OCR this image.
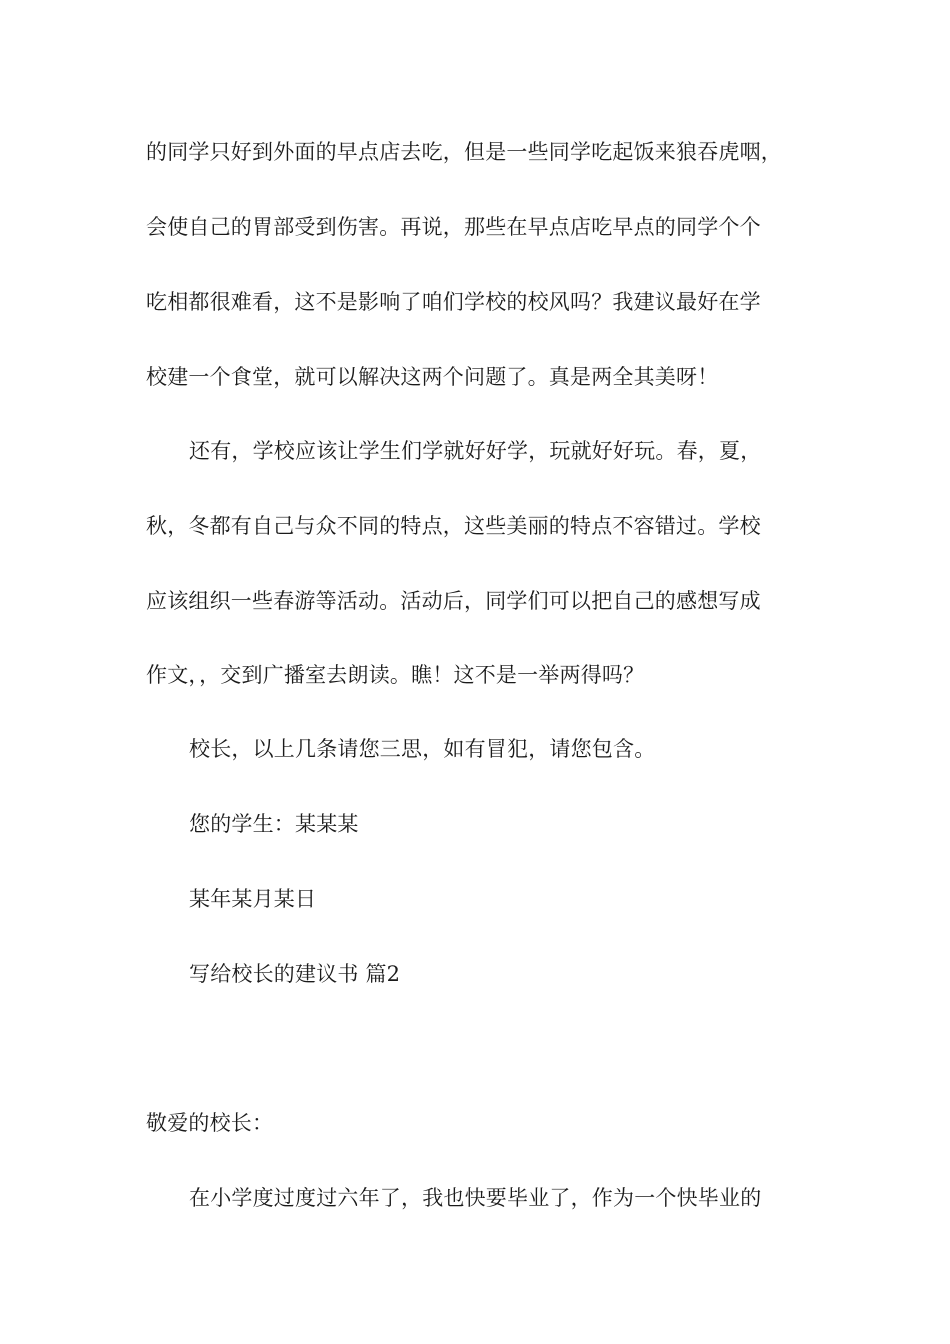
的同学只好到外面的早点店去吃，但是一些同学吃起饭来狼吞虎咽，
会使自己的胃部受到伤害。再说，那些在早点店吃早点的同学个个
吃相都很难看，这不是影响了咱们学校的校风吗？我建议最好在学
校建一个食堂，就可以解决这两个问题了。真是两全其美呀！
还有，学校应该让学生们学就好好学，玩就好好玩。春，夏，
秋，冬都有自己与众不同的特点，这些美丽的特点不容错过。学校
应该组织一些春游等活动。活动后，同学们可以把自己的感想写成
作文，，交到广播室去朗读。瞧！这不是一举两得吗？
校长，以上几条请您三思，如有冒犯，请您包含。
您的学生：某某某
某年某月某日
写给校长的建议书 篇2
敬爱的校长：
在小学度过度过六年了，我也快要毕业了，作为一个快毕业的
